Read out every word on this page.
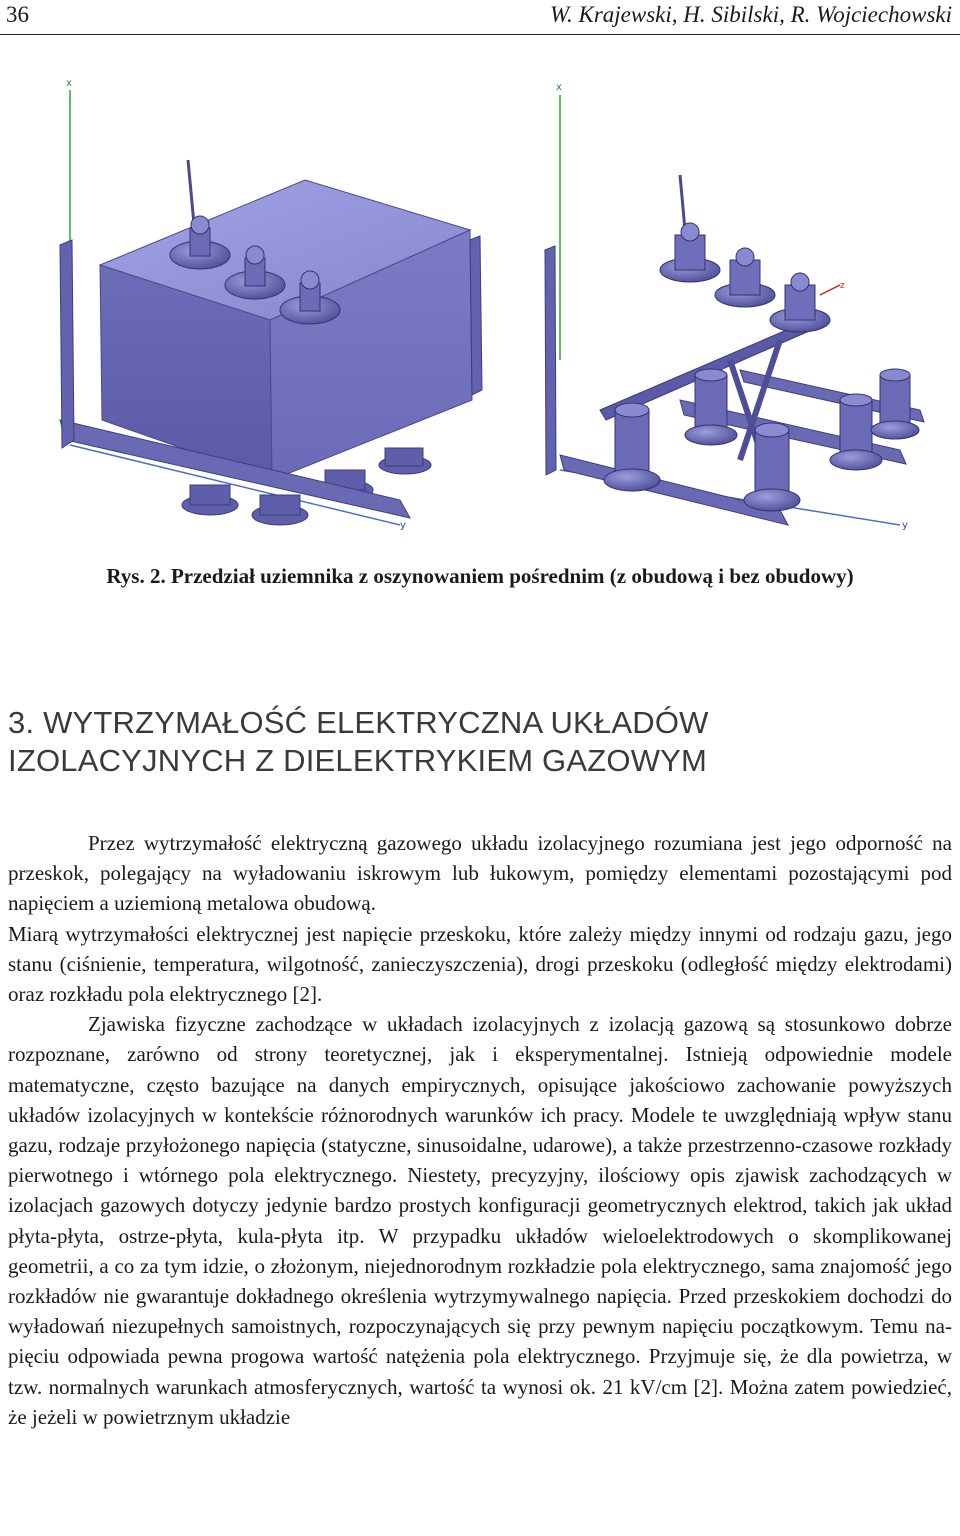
36	W. Krajewski, H. Sibilski, R. Wojciechowski
x
y
x
y
z
Rys. 2. Przedział uziemnika z oszynowaniem pośrednim (z obudową i bez obudowy)
3. WYTRZYMAŁOŚĆ ELEKTRYCZNA UKŁADÓW
IZOLACYJNYCH Z DIELEKTRYKIEM GAZOWYM

Przez wytrzymałość elektryczną gazowego układu izolacyjnego rozumiana jest jego odporność na przeskok, polegający na wyładowaniu iskrowym lub łukowym, pomiędzy elementami pozostającymi pod napięciem a uziemioną metalowa obudową.

Miarą wytrzymałości elektrycznej jest napięcie przeskoku, które zależy między innymi od rodzaju gazu, jego stanu (ciśnienie, temperatura, wilgotność, zanieczyszczenia), drogi przeskoku (odległość między elektrodami) oraz rozkładu pola elektrycznego [2].

Zjawiska fizyczne zachodzące w układach izolacyjnych z izolacją gazową są stosunkowo dobrze rozpoznane, zarówno od strony teoretycznej, jak i eksperymentalnej. Istnieją odpowiednie modele matematyczne, często bazujące na danych empirycznych, opisujące jakościowo zachowanie powyższych układów izolacyjnych w kontekście różnorodnych warunków ich pracy. Modele te uwzględniają wpływ stanu gazu, rodzaje przyłożonego napięcia (statyczne, sinusoidalne, udarowe), a także przestrzenno-czasowe rozkłady pierwotnego i wtórnego pola elektrycznego. Niestety, precyzyjny, ilościowy opis zjawisk zachodzących w izolacjach gazowych dotyczy jedynie bardzo prostych konfiguracji geometrycznych elektrod, takich jak układ płyta-płyta, ostrze-płyta, kula-płyta itp. W przypadku układów wieloelektrodowych o skomplikowanej geometrii, a co za tym idzie, o złożonym, niejednorodnym rozkładzie pola elektrycznego, sama znajomość jego rozkładów nie gwarantuje dokładnego określenia wytrzymywalnego napięcia. Przed przeskokiem dochodzi do wyładowań niezupełnych samoistnych, rozpoczynających się przy pewnym napięciu początkowym. Temu napięciu odpowiada pewna progowa wartość natężenia pola elektrycznego. Przyjmuje się, że dla powietrza, w tzw. normalnych warunkach atmosferycznych, wartość ta wynosi ok. 21 kV/cm [2]. Można zatem powiedzieć, że jeżeli w powietrznym układzie
